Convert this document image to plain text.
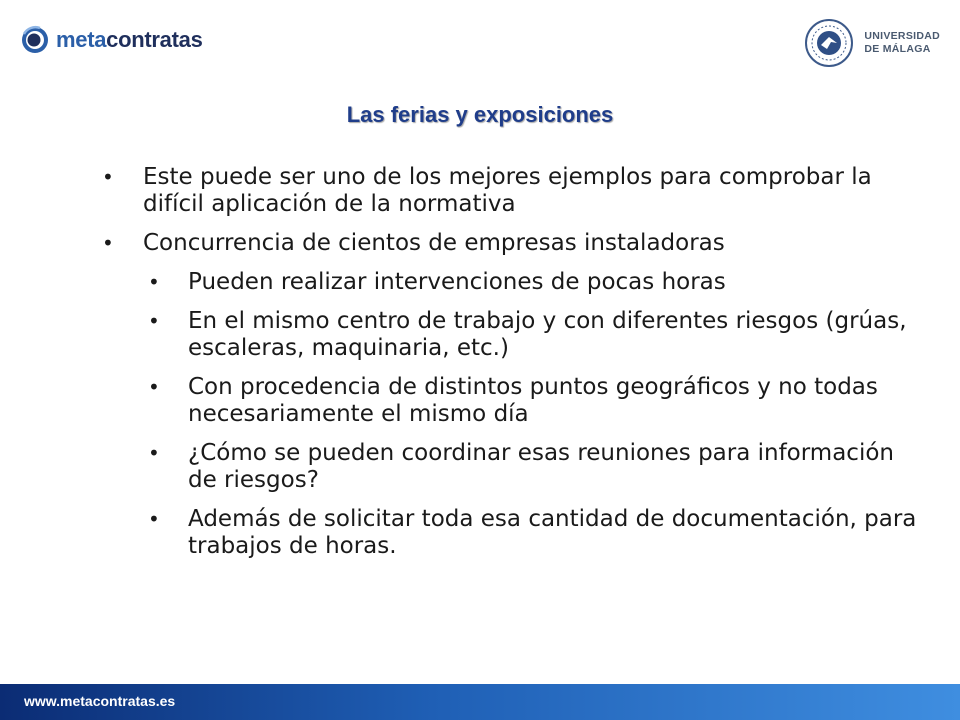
metacontratas	UNIVERSIDAD
DE MÁLAGA
Las ferias y exposiciones
• Este puede ser uno de los mejores ejemplos para comprobar la difícil aplicación de la normativa
• Concurrencia de cientos de empresas instaladoras
• Pueden realizar intervenciones de pocas horas
• En el mismo centro de trabajo y con diferentes riesgos (grúas, escaleras, maquinaria, etc.)
• Con procedencia de distintos puntos geográficos y no todas necesariamente el mismo día
• ¿Cómo se pueden coordinar esas reuniones para información de riesgos?
• Además de solicitar toda esa cantidad de documentación, para trabajos de horas.
www.metacontratas.es
